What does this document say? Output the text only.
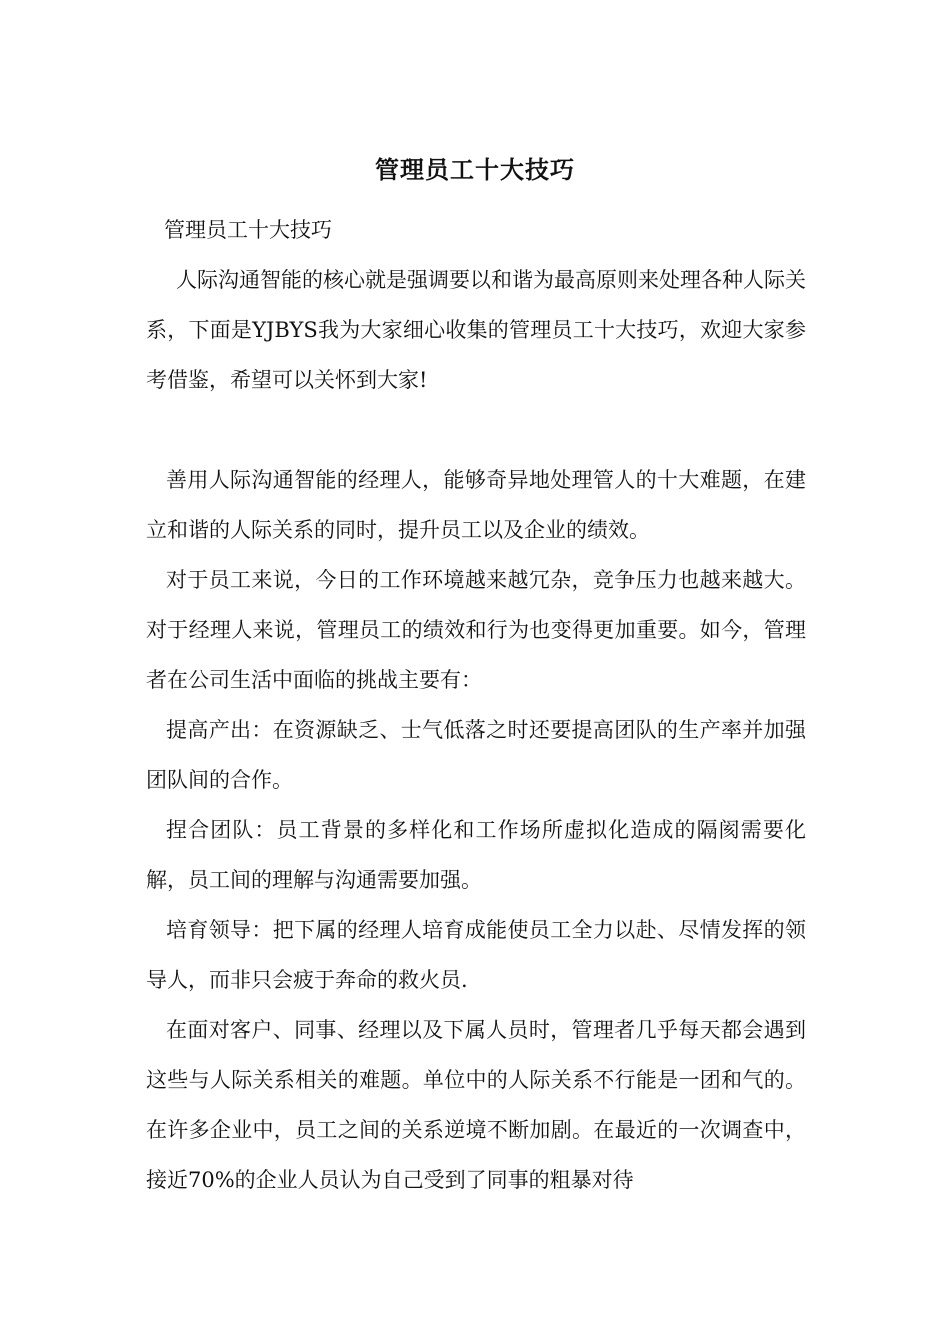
管理员工十大技巧

管理员工十大技巧

人际沟通智能的核心就是强调要以和谐为最高原则来处理各种人际关系，下面是YJBYS我为大家细心收集的管理员工十大技巧，欢迎大家参考借鉴，希望可以关怀到大家!

善用人际沟通智能的经理人，能够奇异地处理管人的十大难题，在建立和谐的人际关系的同时，提升员工以及企业的绩效。

对于员工来说，今日的工作环境越来越冗杂，竞争压力也越来越大。对于经理人来说，管理员工的绩效和行为也变得更加重要。如今，管理者在公司生活中面临的挑战主要有：

提高产出：在资源缺乏、士气低落之时还要提高团队的生产率并加强团队间的合作。

捏合团队：员工背景的多样化和工作场所虚拟化造成的隔阂需要化解，员工间的理解与沟通需要加强。

培育领导：把下属的经理人培育成能使员工全力以赴、尽情发挥的领导人，而非只会疲于奔命的救火员.

在面对客户、同事、经理以及下属人员时，管理者几乎每天都会遇到这些与人际关系相关的难题。单位中的人际关系不行能是一团和气的。在许多企业中，员工之间的关系逆境不断加剧。在最近的一次调查中，接近70%的企业人员认为自己受到了同事的粗暴对待
